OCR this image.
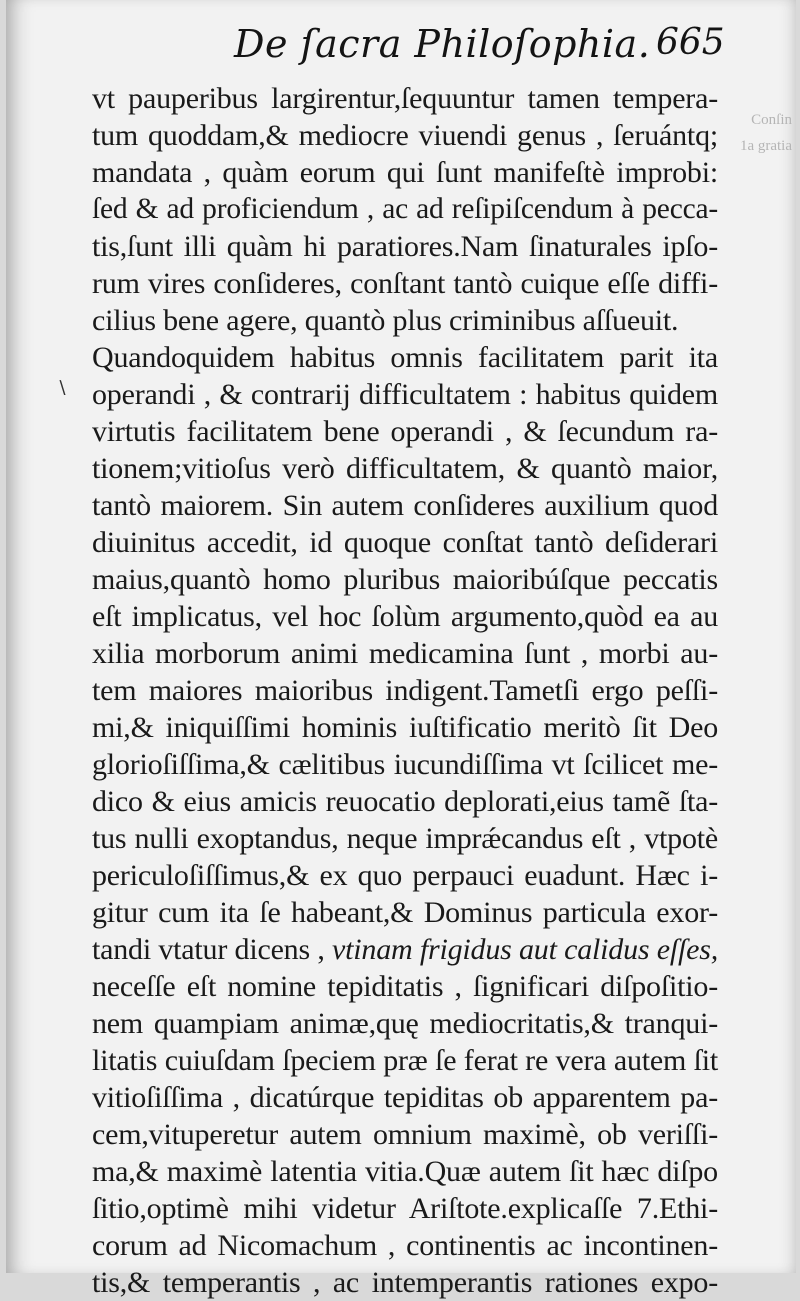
De ſacra Philoſophia. 665
Conſin
1a gratia
∖
vt pauperibus largirentur,ſequuntur tamen tempera-
tum quoddam,& mediocre viuendi genus , ſeruántq;
mandata , quàm eorum qui ſunt manifeſtè improbi:
ſed & ad proficiendum , ac ad reſipiſcendum à pecca-
tis,ſunt illi quàm hi paratiores.Nam ſinaturales ipſo-
rum vires conſideres, conſtant tantò cuique eſſe diffi-
cilius bene agere, quantò plus criminibus aſſueuit.
Quandoquidem habitus omnis facilitatem parit ita
operandi , & contrarij difficultatem : habitus quidem
virtutis facilitatem bene operandi , & ſecundum ra-
tionem;vitioſus verò difficultatem, & quantò maior,
tantò maiorem. Sin autem conſideres auxilium quod
diuinitus accedit, id quoque conſtat tantò deſiderari
maius,quantò homo pluribus maioribúſque peccatis
eſt implicatus, vel hoc ſolùm argumento,quòd ea au
xilia morborum animi medicamina ſunt , morbi au-
tem maiores maioribus indigent.Tametſi ergo peſſi-
mi,& iniquiſſimi hominis iuſtificatio meritò ſit Deo
glorioſiſſima,& cælitibus iucundiſſima vt ſcilicet me-
dico & eius amicis reuocatio deplorati,eius tamẽ ſta-
tus nulli exoptandus, neque imprǽcandus eſt , vtpotè
periculoſiſſimus,& ex quo perpauci euadunt. Hæc i-
gitur cum ita ſe habeant,& Dominus particula exor-
tandi vtatur dicens , vtinam frigidus aut calidus eſſes,
neceſſe eſt nomine tepiditatis , ſignificari diſpoſitio-
nem quampiam animæ,quę mediocritatis,& tranqui-
litatis cuiuſdam ſpeciem præ ſe ferat re vera autem ſit
vitioſiſſima , dicatúrque tepiditas ob apparentem pa-
cem,vituperetur autem omnium maximè, ob veriſſi-
ma,& maximè latentia vitia.Quæ autem ſit hæc diſpo
ſitio,optimè mihi videtur Ariſtote.explicaſſe 7.Ethi-
corum ad Nicomachum , continentis ac incontinen-
tis,& temperantis , ac intemperantis rationes expo-
